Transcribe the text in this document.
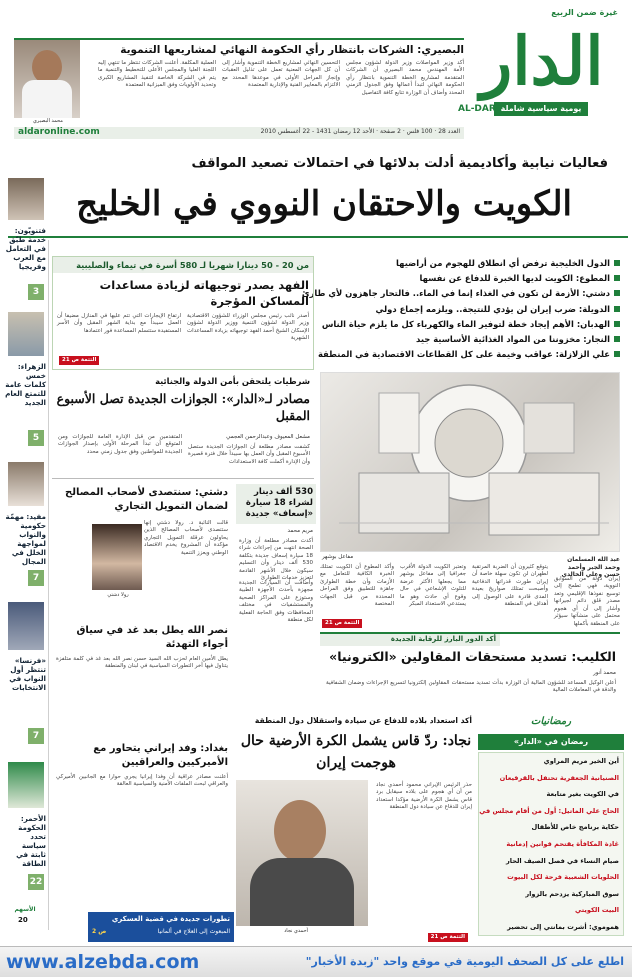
غيرة ضمن الربيع
الدار
يومية سياسية شاملة
AL-DAR
البصيري: الشركات بانتظار رأي الحكومة النهائي لمشاريعها التنموية
أكد وزير المواصلات وزير الدولة لشؤون مجلس الأمة المهندس محمد البصيري أن الشركات المتقدمة لمشاريع الخطة التنموية بانتظار رأي الحكومة النهائي لتبدأ أعمالها وفق الجدول الزمني المحدد وأضاف أن الوزارة تتابع كافة التفاصيل
التحسين النهائي لمشاريع الخطة التنموية وأشار إلى أن كل الجهات المعنية تعمل على تذليل العقبات وإنجاز المراحل الأولى في موعدها المحدد مع الالتزام بالمعايير الفنية والإدارية المعتمدة
العملية المكلفة. أعلنت الشركات تنتظر ما تنتهي إليه اللجنة العليا والمجلس الأعلى للتخطيط والتنمية ما يتم في الشركة الخاصة لتنفيذ المشاريع الكبرى وتحديد الأولويات وفق الميزانية المعتمدة
محمد البصيري
العدد 28 · 100 فلس · 2 صفحة · الأحد 12 رمضان 1431 - 22 أغسطس 2010
aldaronline.com
فعاليات نيابية وأكاديمية أدلت بدلائها في احتمالات تصعيد المواقف
الكويت والاحتقان النووي في الخليج
فتنويّون: خدمة طبّق في التعامل مع العرب وفريجيا
3
الزهراء: خمس كلمات عامة للتمتع العام الجديد
5
مفيد: مهمّة حكومية والنواب لمواجهة الخلل في المجال
7
«فرنسا» تنتظر أول النواب في الانتخابات
7
الأحمر: الحكومة تحدد سياسة ثابتة في الطاقة
22
الأسهم
20
الدول الخليجية ترفض أي انطلاق للهجوم من أراضيها
المطوع: الكويت لديها الخبرة للدفاع عن نفسها
دشتي: الأزمة لن تكون في الغذاء إنما في الماء.. فالتحار جاهزون لأي طارئ
الدويلة: ضرب إيران لن يؤدي للنتيجة.. ويلزمه إجماع دولي
الهدبان: الأهم إيجاد خطة لتوفير الماء والكهرباء كل ما يلزم حياة الناس
النجار: مخزوننا من المواد الغذائية الأساسية جيد
علي الزلازلة: عواقب وخيمة على كل القطاعات الاقتصادية في المنطقة
مفاعل بوشهر	عبد الله المسلمان وحمد الجبر وأحمد حسن وعلي الخالدي
إيران دولة من السوابق النووية، فهي تطمح إلى توسيع نفوذها الإقليمي وتعد مصدر قلق دائم لجيرانها وأشار إلى أن أي هجوم محتمل على منشآتها سيؤثر على المنطقة بأكملها
يتوقع كثيرون أن الضربة المرتقبة لطهران لن تكون سهلة خاصة أن إيران طورت قدراتها الدفاعية وأصبحت تمتلك صواريخ بعيدة المدى قادرة على الوصول إلى أهداف في المنطقة
وتعتبر الكويت الدولة الأقرب جغرافيا إلى مفاعل بوشهر مما يجعلها الأكثر عرضة للتلوث الإشعاعي في حال وقوع أي حادث وهو ما يستدعي الاستعداد المبكر
وأكد المطوع أن الكويت تمتلك الخبرة الكافية للتعامل مع الأزمات وأن خطة الطوارئ جاهزة للتطبيق وفق المراحل المحددة من قبل الجهات المختصة
التتمة ص 21
من 20 - 50 دينارا شهريا لـ 580 أسرة في تيماء والصليبية
الفهد يصدر توجيهاته لزيادة مساعدات المساكن المؤجرة
أصدر نائب رئيس مجلس الوزراء للشؤون الاقتصادية وزير الدولة لشؤون التنمية ووزير الدولة لشؤون الإسكان الشيخ أحمد الفهد توجيهاته بزيادة المساعدات الشهرية
ارتفاع الإيجارات التي تتم عليها في المنازل مضيفا أن العمل سيبدأ مع بداية الشهر المقبل وأن الأسر المستفيدة ستتسلم المساعدة فور اعتمادها
التتمة ص 21
شرطيات يلتحقن بأمن الدولة والجنائية
مصادر لـ«الدار»: الجوازات الجديدة تصل الأسبوع المقبل
مشعل المعيوف وعبدالرحمن العجمي
كشفت مصادر مطلعة أن الجوازات الجديدة ستصل الأسبوع المقبل وأن العمل بها سيبدأ خلال فترة قصيرة وأن الإدارة أكملت كافة الاستعدادات
المتقدمين من قبل الإدارة العامة للجوازات ومن المتوقع أن تبدأ المرحلة الأولى بإصدار الجوازات الجديدة للمواطنين وفق جدول زمني محدد
530 ألف دينار لشراء 18 سيارة «إسعاف» جديدة
مريم محمد
أكدت مصادر مطلعة أن وزارة الصحة انتهت من إجراءات شراء 18 سيارة إسعاف جديدة بتكلفة 530 ألف دينار وأن التسليم سيكون خلال الأشهر القادمة لتعزيز خدمات الطوارئ
وأضافت أن السيارات الجديدة مجهزة بأحدث الأجهزة الطبية وستوزع على المراكز الصحية والمستشفيات في مختلف المحافظات وفق الحاجة الفعلية لكل منطقة
دشتي: سنتصدى لأصحاب المصالح لضمان التمويل التجاري
قالت النائبة د. رولا دشتي إنها ستتصدى لأصحاب المصالح الذين يحاولون عرقلة التمويل التجاري مؤكدة أن المشروع يخدم الاقتصاد الوطني ويعزز التنمية
رولا دشتي
نصر الله يطل بعد غد في سياق أجواء التهدئة
يطل الأمين العام لحزب الله السيد حسن نصر الله بعد غد في كلمة متلفزة يتناول فيها آخر التطورات السياسية في لبنان والمنطقة
بغداد: وفد إيراني يتحاور مع الأميركيين والعراقيين
أعلنت مصادر عراقية أن وفدا إيرانيا يجري حوارا مع الجانبين الأميركي والعراقي لبحث الملفات الأمنية والسياسية العالقة
أكد الدور البارز للرقابة الجديدة
الكليب: تسديد مستحقات المقاولين «الكترونيا»
محمد أنور
أعلن الوكيل المساعد للشؤون المالية أن الوزارة بدأت تسديد مستحقات المقاولين إلكترونيا لتسريع الإجراءات وضمان الشفافية والدقة في المعاملات المالية
أكد استعداد بلاده للدفاع عن سيادة واستقلال دول المنطقة
نجاد: ردّ قاس يشمل الكرة الأرضية حال هوجمت إيران
حذر الرئيس الإيراني محمود أحمدي نجاد من أن أي هجوم على بلاده سيقابل برد قاس يشمل الكرة الأرضية مؤكدا استعداد إيران للدفاع عن سيادة دول المنطقة
أحمدي نجاد
التتمة ص 21
رمضانيات
رمضان في «الدار»
أين الخير مريم المراوي
الصنيانية الجعفرية تحتفل بالقرقيعان
في الكويت بغير متابعة
الحاج علي الماتيل: أول من أقام مجلس في
حكاية برنامج خاص للأطفال
غادة المكافأة يقتحم قوانين إدمانية
صيام النساء في فصل الصيف الحار
الحلويات الشعبية فرحة لكل البيوت
سوق المباركية يزدحم بالزوار
البيت الكويتي
هموموي: أشرت بمانتي إلى تحضير
تطورات جديدة في قضية العسكري
المبعوث إلى العلاج في ألمانيا
ص 2
www.alzebda.com	اطلع على كل الصحف اليومية في موقع واحد "زبدة الأخبار"
